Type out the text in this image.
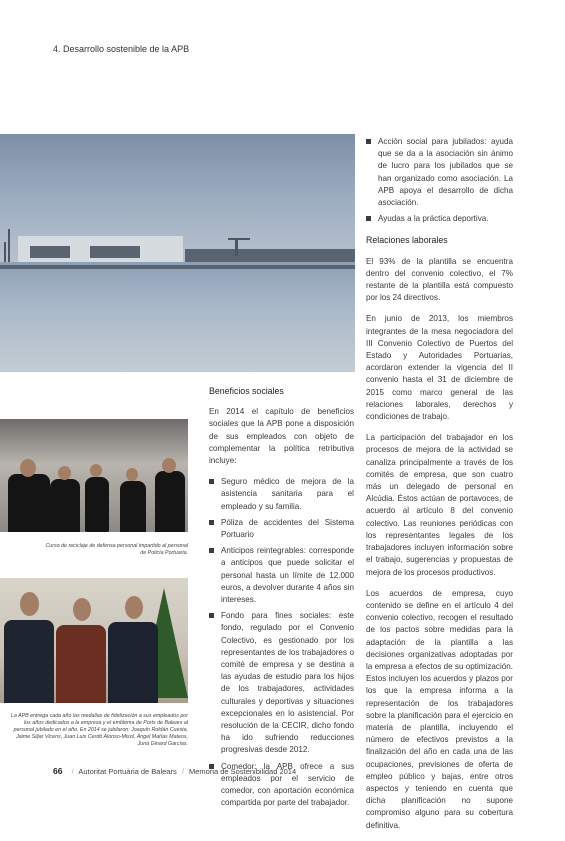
4. Desarrollo sostenible de la APB
Curso de reciclaje de defensa personal impartido al personal de Policía Portuaria.
La APB entrega cada año las medallas de fidelización a sus empleados por los años dedicados a la empresa y el emblema de Ports de Balears al personal jubilado en el año. En 2014 se jubilaron: Joaquín Roldán Cuesta, Jaime Siljar Vicens, Juan Luis Cerdó Alonso-Misol, Ángel Matías Mateos, Juna Ginard Garcías.
Beneficios sociales

En 2014 el capítulo de beneficios sociales que la APB pone a disposición de sus empleados con objeto de complementar la política retributiva incluye:

Seguro médico de mejora de la asistencia sanitaria para el empleado y su familia.
Póliza de accidentes del Sistema Portuario
Anticipos reintegrables: corresponde a anticipos que puede solicitar el personal hasta un límite de 12.000 euros, a devolver durante 4 años sin intereses.
Fondo para fines sociales: este fondo, regulado por el Convenio Colectivo, es gestionado por los representantes de los trabajadores o comité de empresa y se destina a las ayudas de estudio para los hijos de los trabajadores, actividades culturales y deportivas y situaciones excepcionales en lo asistencial. Por resolución de la CECIR, dicho fondo ha ido sufriendo reducciones progresivas desde 2012.
Comedor: la APB ofrece a sus empleados por el servicio de comedor, con aportación económica compartida por parte del trabajador.
Acción social para jubilados: ayuda que se da a la asociación sin ánimo de lucro para los jubilados que se han organizado como asociación. La APB apoya el desarrollo de dicha asociación.
Ayudas a la práctica deportiva.
Relaciones laborales

El 93% de la plantilla se encuentra dentro del convenio colectivo, el 7% restante de la plantilla está compuesto por los 24 directivos.

En junio de 2013, los miembros integrantes de la mesa negociadora del III Convenio Colectivo de Puertos del Estado y Autoridades Portuarias, acordaron extender la vigencia del II convenio hasta el 31 de diciembre de 2015 como marco general de las relaciones laborales, derechos y condiciones de trabajo.

La participación del trabajador en los procesos de mejora de la actividad se canaliza principalmente a través de los comités de empresa, que son cuatro más un delegado de personal en Alcúdia. Éstos actúan de portavoces, de acuerdo al artículo 8 del convenio colectivo. Las reuniones periódicas con los representantes legales de los trabajadores incluyen información sobre el trabajo, sugerencias y propuestas de mejora de los procesos productivos.

Los acuerdos de empresa, cuyo contenido se define en el artículo 4 del convenio colectivo, recogen el resultado de los pactos sobre medidas para la adaptación de la plantilla a las decisiones organizativas adoptadas por la empresa a efectos de su optimización. Estos incluyen los acuerdos y plazos por los que la empresa informa a la representación de los trabajadores sobre la planificación para el ejercicio en materia de plantilla, incluyendo el número de efectivos previstos a la finalización del año en cada una de las ocupaciones, previsiones de oferta de empleo público y bajas, entre otros aspectos y teniendo en cuenta que dicha planificación no supone compromiso alguno para su cobertura definitiva.

66 / Autoritat Portuària de Balears / Memoria de Sostenibilidad 2014
